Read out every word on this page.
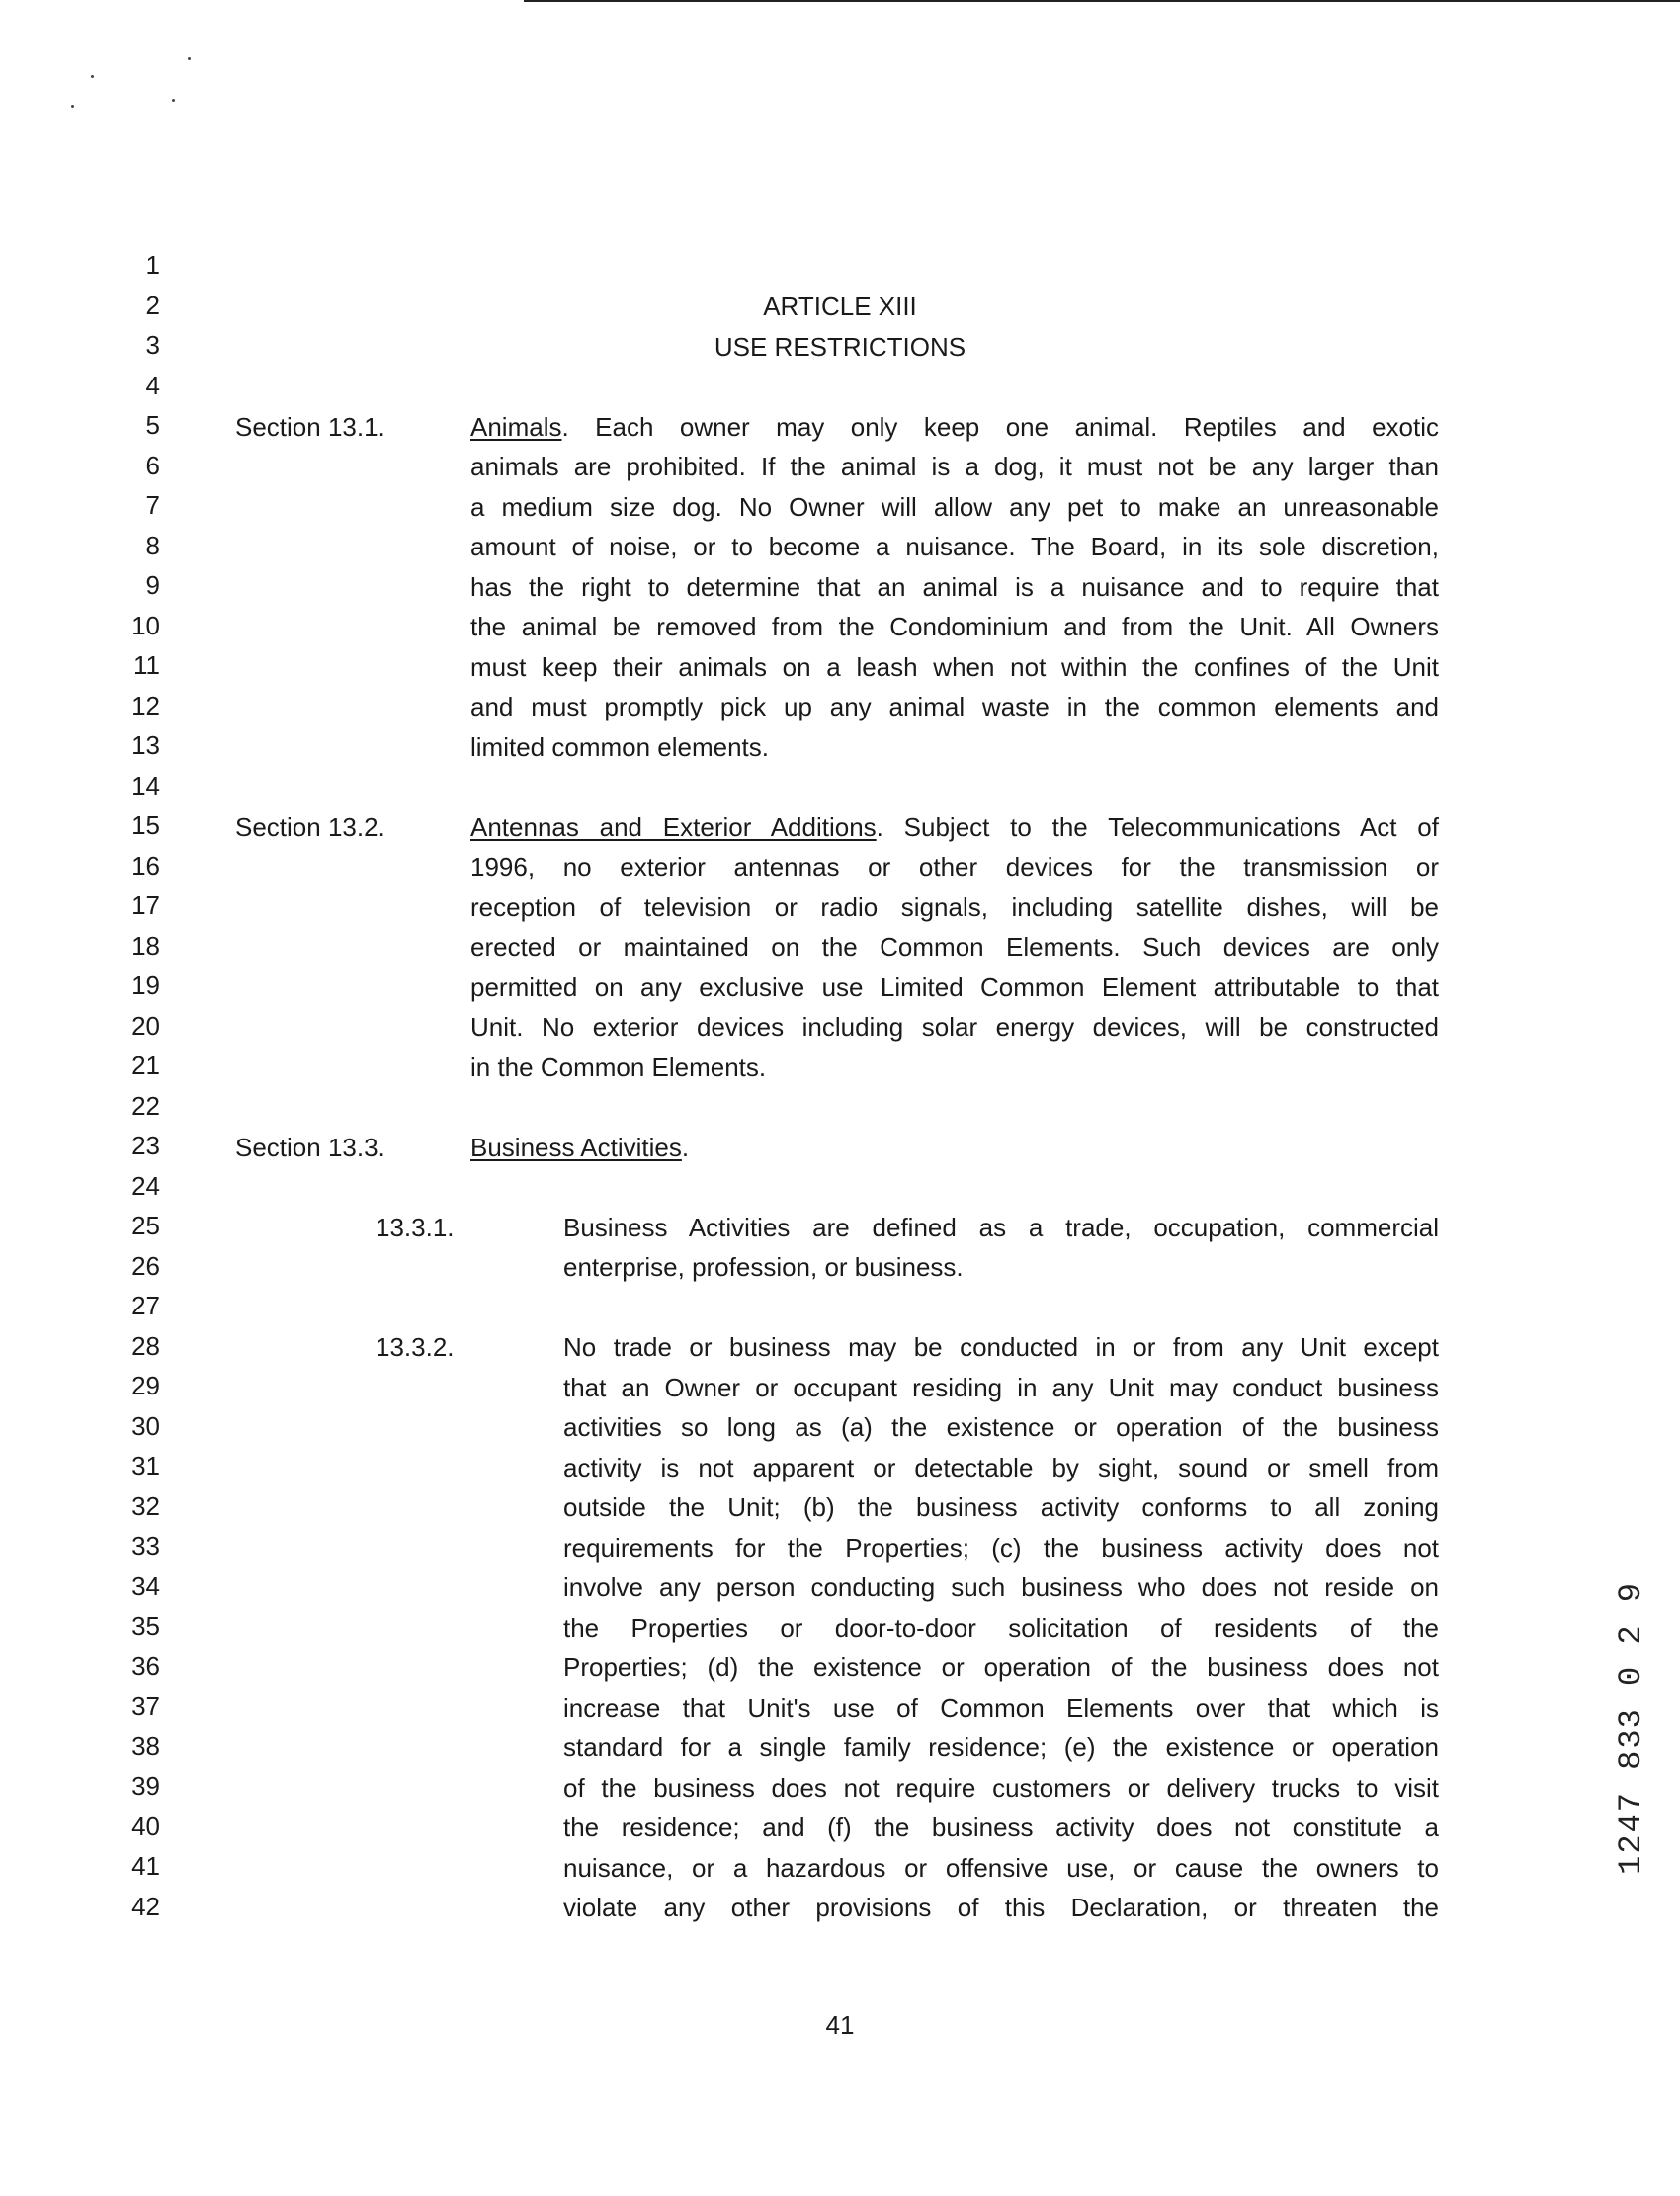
1
2
3
4
5
6
7
8
9
10
11
12
13
14
15
16
17
18
19
20
21
22
23
24
25
26
27
28
29
30
31
32
33
34
35
36
37
38
39
40
41
42
ARTICLE XIII
USE RESTRICTIONS
Section 13.1.	Animals. Each owner may only keep one animal. Reptiles and exotic
animals are prohibited. If the animal is a dog, it must not be any larger than
a medium size dog. No Owner will allow any pet to make an unreasonable
amount of noise, or to become a nuisance. The Board, in its sole discretion,
has the right to determine that an animal is a nuisance and to require that
the animal be removed from the Condominium and from the Unit. All Owners
must keep their animals on a leash when not within the confines of the Unit
and must promptly pick up any animal waste in the common elements and
limited common elements.
Section 13.2.	Antennas and Exterior Additions. Subject to the Telecommunications Act of
1996, no exterior antennas or other devices for the transmission or
reception of television or radio signals, including satellite dishes, will be
erected or maintained on the Common Elements. Such devices are only
permitted on any exclusive use Limited Common Element attributable to that
Unit. No exterior devices including solar energy devices, will be constructed
in the Common Elements.
Section 13.3.	Business Activities.
13.3.1.	Business Activities are defined as a trade, occupation, commercial
enterprise, profession, or business.
13.3.2.	No trade or business may be conducted in or from any Unit except
that an Owner or occupant residing in any Unit may conduct business
activities so long as (a) the existence or operation of the business
activity is not apparent or detectable by sight, sound or smell from
outside the Unit; (b) the business activity conforms to all zoning
requirements for the Properties; (c) the business activity does not
involve any person conducting such business who does not reside on
the Properties or door-to-door solicitation of residents of the
Properties; (d) the existence or operation of the business does not
increase that Unit's use of Common Elements over that which is
standard for a single family residence; (e) the existence or operation
of the business does not require customers or delivery trucks to visit
the residence; and (f) the business activity does not constitute a
nuisance, or a hazardous or offensive use, or cause the owners to
violate any other provisions of this Declaration, or threaten the
41
1247 833 0 2 9
